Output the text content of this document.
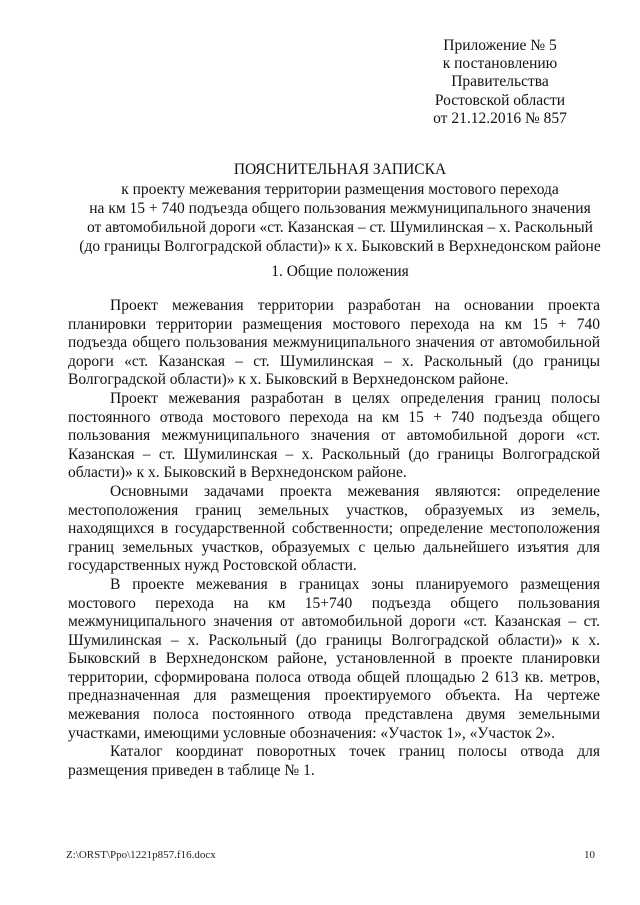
Приложение № 5
к постановлению
Правительства
Ростовской области
от 21.12.2016 № 857
ПОЯСНИТЕЛЬНАЯ ЗАПИСКА
к проекту межевания территории размещения мостового перехода
на км 15 + 740 подъезда общего пользования межмуниципального значения
от автомобильной дороги «ст. Казанская – ст. Шумилинская – х. Раскольный
(до границы Волгоградской области)» к х. Быковский в Верхнедонском районе
1. Общие положения

Проект межевания территории разработан на основании проекта планировки территории размещения мостового перехода на км 15 + 740 подъезда общего пользования межмуниципального значения от автомобильной дороги «ст. Казанская – ст. Шумилинская – х. Раскольный (до границы Волгоградской области)» к х. Быковский в Верхнедонском районе.

Проект межевания разработан в целях определения границ полосы постоянного отвода мостового перехода на км 15 + 740 подъезда общего пользования межмуниципального значения от автомобильной дороги «ст. Казанская – ст. Шумилинская – х. Раскольный (до границы Волгоградской области)» к х. Быковский в Верхнедонском районе.

Основными задачами проекта межевания являются: определение местоположения границ земельных участков, образуемых из земель, находящихся в государственной собственности; определение местоположения границ земельных участков, образуемых с целью дальнейшего изъятия для государственных нужд Ростовской области.

В проекте межевания в границах зоны планируемого размещения мостового перехода на км 15+740 подъезда общего пользования межмуниципального значения от автомобильной дороги «ст. Казанская – ст. Шумилинская – х. Раскольный (до границы Волгоградской области)» к х. Быковский в Верхнедонском районе, установленной в проекте планировки территории, сформирована полоса отвода общей площадью 2 613 кв. метров, предназначенная для размещения проектируемого объекта. На чертеже межевания полоса постоянного отвода представлена двумя земельными участками, имеющими условные обозначения: «Участок 1», «Участок 2».

Каталог координат поворотных точек границ полосы отвода для размещения приведен в таблице № 1.

Z:\ORST\Ppo\1221p857.f16.docx	10
